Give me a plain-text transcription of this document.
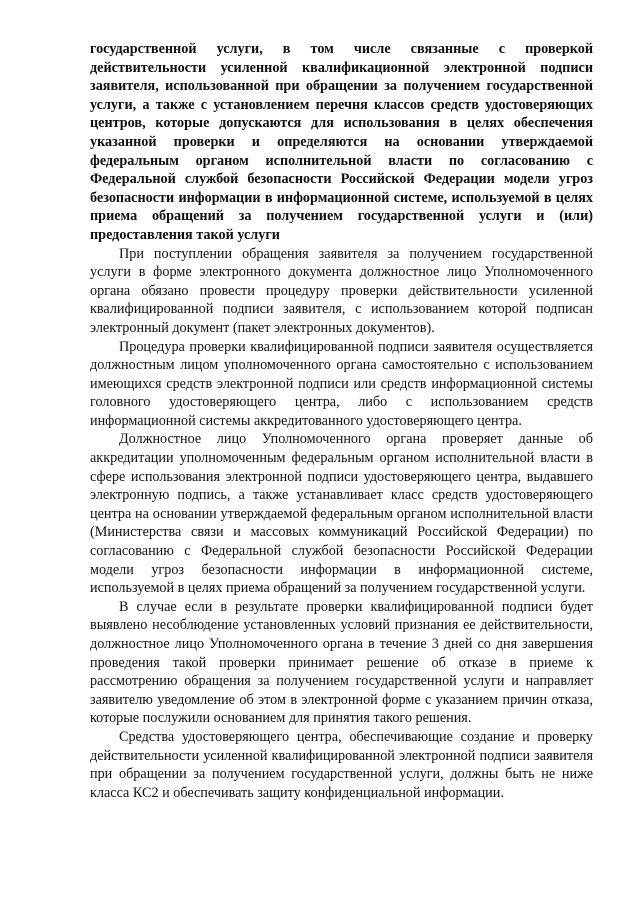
государственной услуги, в том числе связанные с проверкой действительности усиленной квалификационной электронной подписи заявителя, использованной при обращении за получением государственной услуги, а также с установлением перечня классов средств удостоверяющих центров, которые допускаются для использования в целях обеспечения указанной проверки и определяются на основании утверждаемой федеральным органом исполнительной власти по согласованию с Федеральной службой безопасности Российской Федерации модели угроз безопасности информации в информационной системе, используемой в целях приема обращений за получением государственной услуги и (или) предоставления такой услуги

При поступлении обращения заявителя за получением государственной услуги в форме электронного документа должностное лицо Уполномоченного органа обязано провести процедуру проверки действительности усиленной квалифицированной подписи заявителя, с использованием которой подписан электронный документ (пакет электронных документов).

Процедура проверки квалифицированной подписи заявителя осуществляется должностным лицом уполномоченного органа самостоятельно с использованием имеющихся средств электронной подписи или средств информационной системы головного удостоверяющего центра, либо с использованием средств информационной системы аккредитованного удостоверяющего центра.

Должностное лицо Уполномоченного органа проверяет данные об аккредитации уполномоченным федеральным органом исполнительной власти в сфере использования электронной подписи удостоверяющего центра, выдавшего электронную подпись, а также устанавливает класс средств удостоверяющего центра на основании утверждаемой федеральным органом исполнительной власти (Министерства связи и массовых коммуникаций Российской Федерации) по согласованию с Федеральной службой безопасности Российской Федерации модели угроз безопасности информации в информационной системе, используемой в целях приема обращений за получением государственной услуги.

В случае если в результате проверки квалифицированной подписи будет выявлено несоблюдение установленных условий признания ее действительности, должностное лицо Уполномоченного органа в течение 3 дней со дня завершения проведения такой проверки принимает решение об отказе в приеме к рассмотрению обращения за получением государственной услуги и направляет заявителю уведомление об этом в электронной форме с указанием причин отказа, которые послужили основанием для принятия такого решения.

Средства удостоверяющего центра, обеспечивающие создание и проверку действительности усиленной квалифицированной электронной подписи заявителя при обращении за получением государственной услуги, должны быть не ниже класса КС2 и обеспечивать защиту конфиденциальной информации.
